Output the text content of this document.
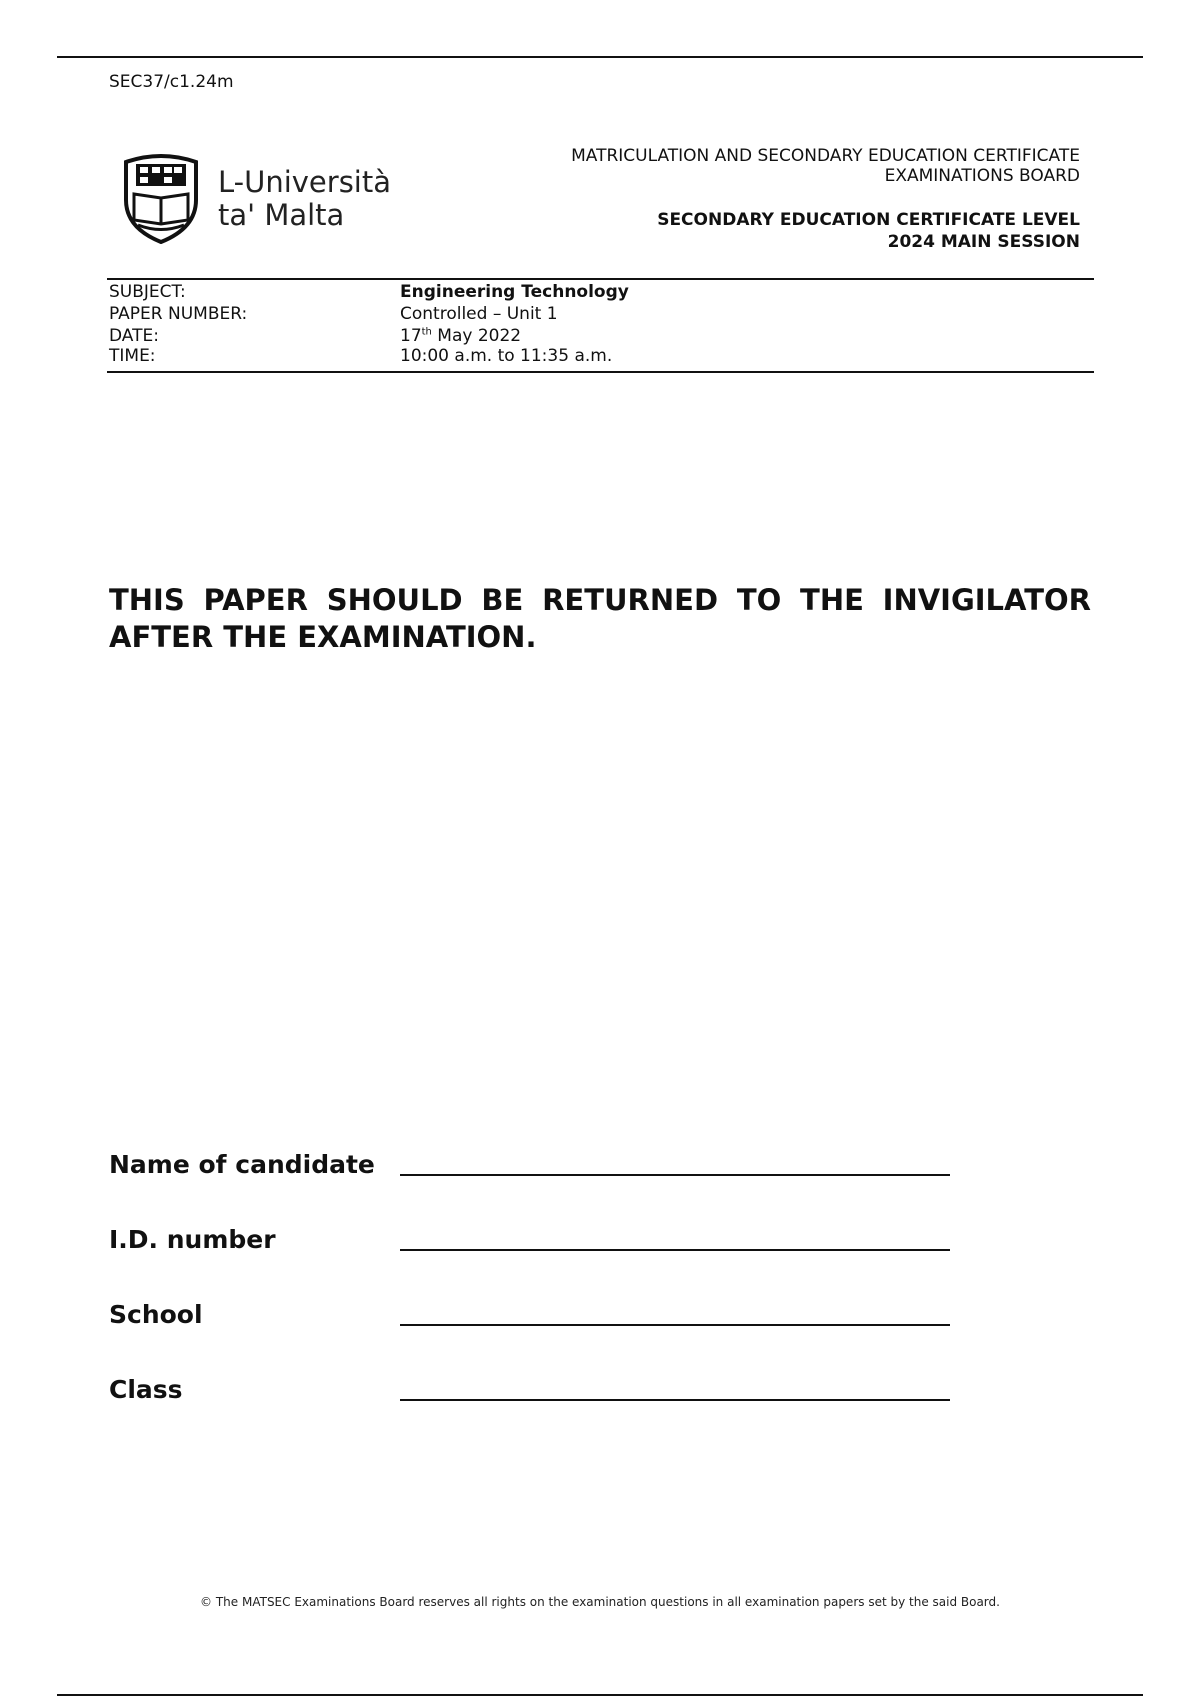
SEC37/c1.24m
L-Università
ta' Malta
MATRICULATION AND SECONDARY EDUCATION CERTIFICATE
EXAMINATIONS BOARD
SECONDARY EDUCATION CERTIFICATE LEVEL
2024 MAIN SESSION
SUBJECT:	Engineering Technology
PAPER NUMBER:	Controlled – Unit 1
DATE:	17th May 2022
TIME:	10:00 a.m. to 11:35 a.m.
THIS PAPER SHOULD BE RETURNED TO THE INVIGILATOR
AFTER THE EXAMINATION.
Name of candidate
I.D. number
School
Class
© The MATSEC Examinations Board reserves all rights on the examination questions in all examination papers set by the said Board.
